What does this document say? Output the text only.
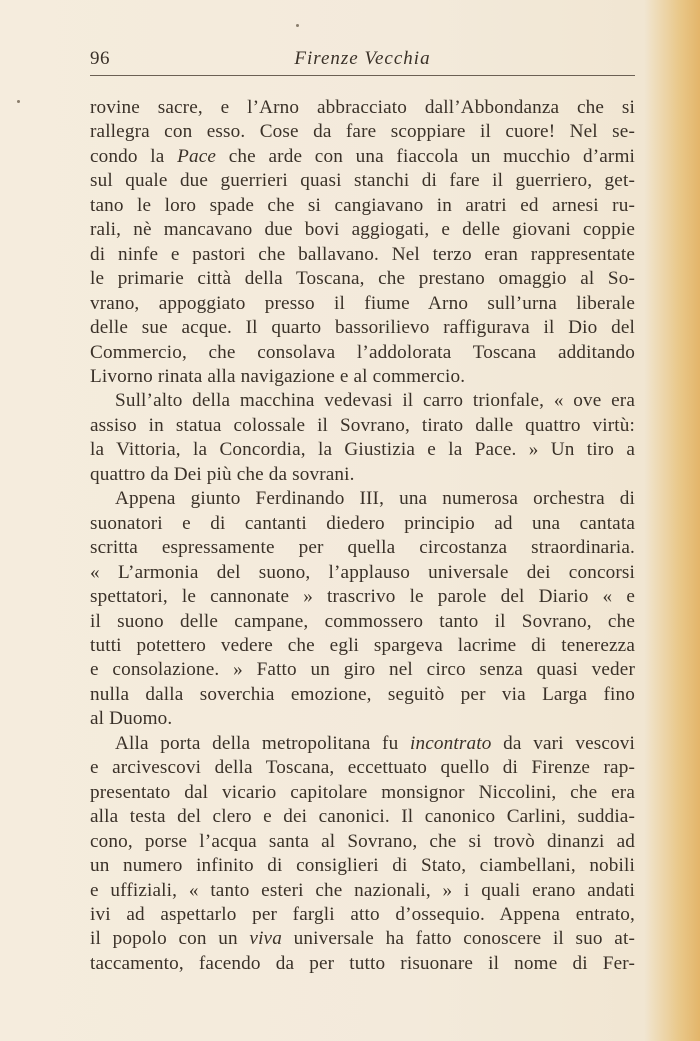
96	Firenze Vecchia
rovine sacre, e l’Arno abbracciato dall’Abbondanza che si
rallegra con esso. Cose da fare scoppiare il cuore! Nel se-
condo la Pace che arde con una fiaccola un mucchio d’armi
sul quale due guerrieri quasi stanchi di fare il guerriero, get-
tano le loro spade che si cangiavano in aratri ed arnesi ru-
rali, nè mancavano due bovi aggiogati, e delle giovani coppie
di ninfe e pastori che ballavano. Nel terzo eran rappresentate
le primarie città della Toscana, che prestano omaggio al So-
vrano, appoggiato presso il fiume Arno sull’urna liberale
delle sue acque. Il quarto bassorilievo raffigurava il Dio del
Commercio, che consolava l’addolorata Toscana additando
Livorno rinata alla navigazione e al commercio.
Sull’alto della macchina vedevasi il carro trionfale, « ove era
assiso in statua colossale il Sovrano, tirato dalle quattro virtù:
la Vittoria, la Concordia, la Giustizia e la Pace. » Un tiro a
quattro da Dei più che da sovrani.
Appena giunto Ferdinando III, una numerosa orchestra di
suonatori e di cantanti diedero principio ad una cantata
scritta espressamente per quella circostanza straordinaria.
« L’armonia del suono, l’applauso universale dei concorsi
spettatori, le cannonate » trascrivo le parole del Diario « e
il suono delle campane, commossero tanto il Sovrano, che
tutti potettero vedere che egli spargeva lacrime di tenerezza
e consolazione. » Fatto un giro nel circo senza quasi veder
nulla dalla soverchia emozione, seguitò per via Larga fino
al Duomo.
Alla porta della metropolitana fu incontrato da vari vescovi
e arcivescovi della Toscana, eccettuato quello di Firenze rap-
presentato dal vicario capitolare monsignor Niccolini, che era
alla testa del clero e dei canonici. Il canonico Carlini, suddia-
cono, porse l’acqua santa al Sovrano, che si trovò dinanzi ad
un numero infinito di consiglieri di Stato, ciambellani, nobili
e uffiziali, « tanto esteri che nazionali, » i quali erano andati
ivi ad aspettarlo per fargli atto d’ossequio. Appena entrato,
il popolo con un viva universale ha fatto conoscere il suo at-
taccamento, facendo da per tutto risuonare il nome di Fer-
